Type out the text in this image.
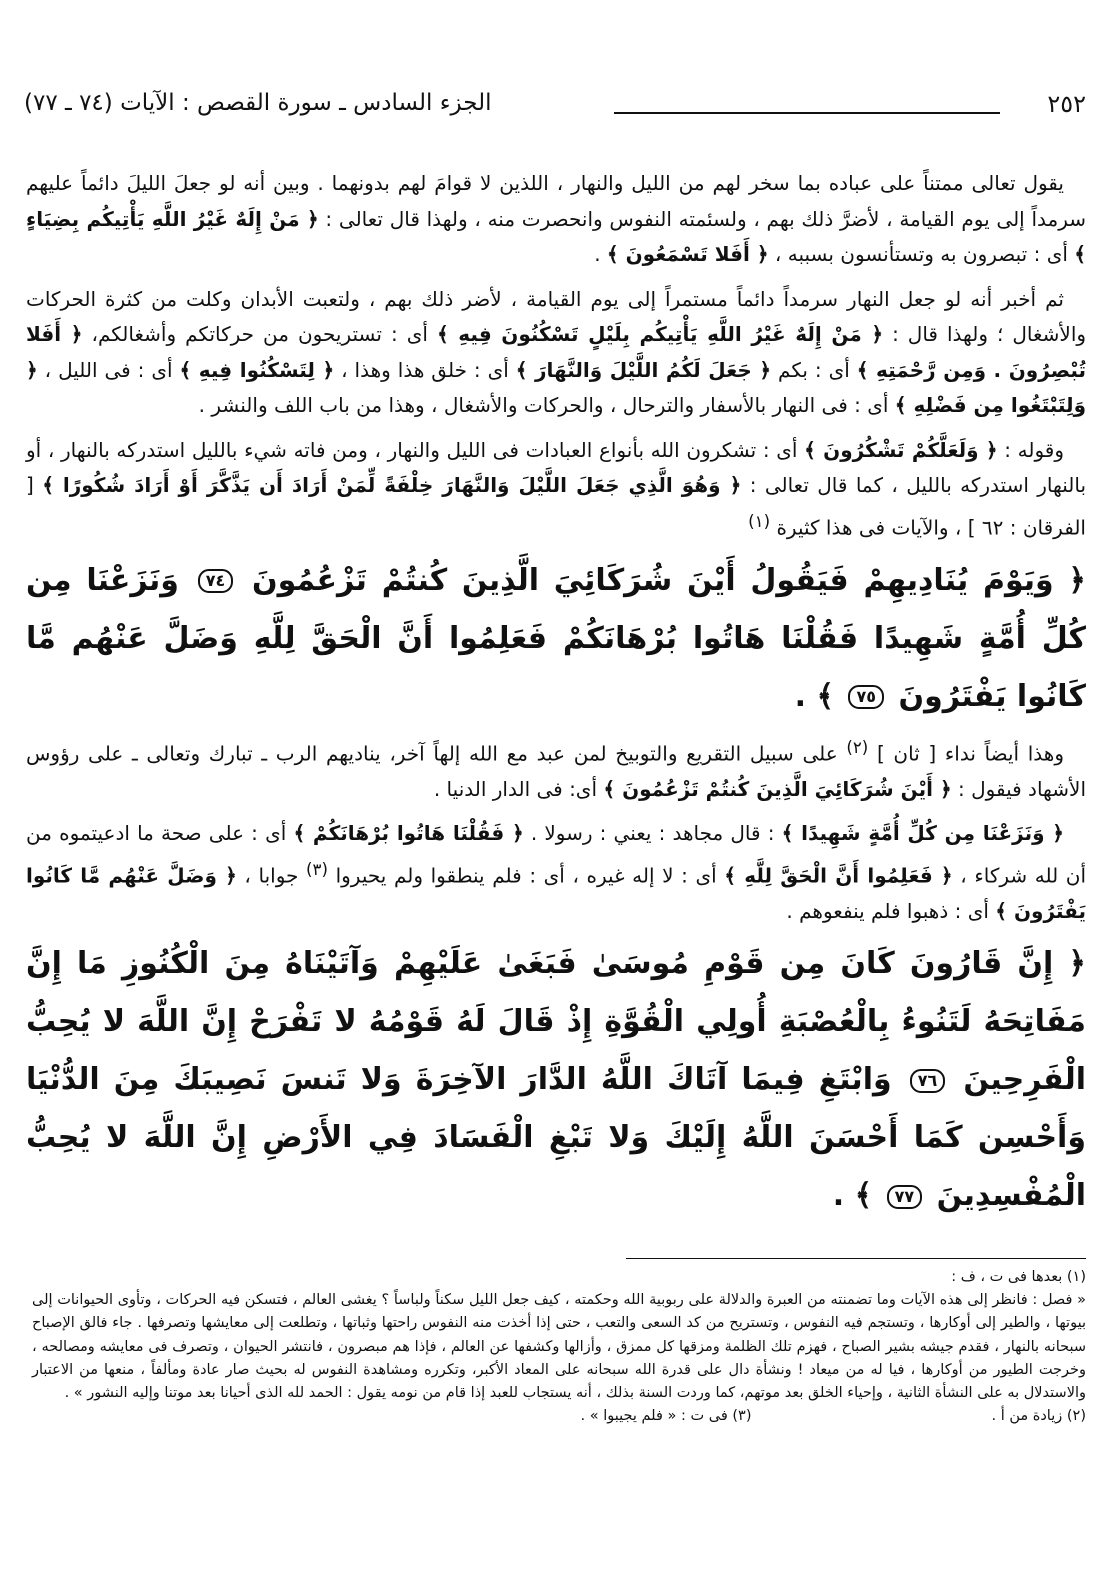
٢٥٢
الجزء السادس ـ سورة القصص : الآيات (٧٤ ـ ٧٧)

يقول تعالى ممتناً على عباده بما سخر لهم من الليل والنهار ، اللذين لا قوامَ لهم بدونهما . وبين أنه لو جعلَ الليلَ دائماً عليهم سرمداً إلى يوم القيامة ، لأضرَّ ذلك بهم ، ولسئمته النفوس وانحصرت منه ، ولهذا قال تعالى : ﴿ مَنْ إِلَهٌ غَيْرُ اللَّهِ يَأْتِيكُم بِضِيَاءٍ ﴾ أى : تبصرون به وتستأنسون بسببه ، ﴿ أَفَلا تَسْمَعُونَ ﴾ .

ثم أخبر أنه لو جعل النهار سرمداً دائماً مستمراً إلى يوم القيامة ، لأضر ذلك بهم ، ولتعبت الأبدان وكلت من كثرة الحركات والأشغال ؛ ولهذا قال : ﴿ مَنْ إِلَهٌ غَيْرُ اللَّهِ يَأْتِيكُم بِلَيْلٍ تَسْكُنُونَ فِيهِ ﴾ أى : تستريحون من حركاتكم وأشغالكم، ﴿ أَفَلا تُبْصِرُونَ . وَمِن رَّحْمَتِهِ ﴾ أى : بكم ﴿ جَعَلَ لَكُمُ اللَّيْلَ وَالنَّهَارَ ﴾ أى : خلق هذا وهذا ، ﴿ لِتَسْكُنُوا فِيهِ ﴾ أى : فى الليل ، ﴿ وَلِتَبْتَغُوا مِن فَضْلِهِ ﴾ أى : فى النهار بالأسفار والترحال ، والحركات والأشغال ، وهذا من باب اللف والنشر .

وقوله : ﴿ وَلَعَلَّكُمْ تَشْكُرُونَ ﴾ أى : تشكرون الله بأنواع العبادات فى الليل والنهار ، ومن فاته شيء بالليل استدركه بالنهار ، أو بالنهار استدركه بالليل ، كما قال تعالى : ﴿ وَهُوَ الَّذِي جَعَلَ اللَّيْلَ وَالنَّهَارَ خِلْفَةً لِّمَنْ أَرَادَ أَن يَذَّكَّرَ أَوْ أَرَادَ شُكُورًا ﴾ [ الفرقان : ٦٢ ] ، والآيات فى هذا كثيرة $^{(١)}$

﴿ وَيَوْمَ يُنَادِيهِمْ فَيَقُولُ أَيْنَ شُرَكَائِيَ الَّذِينَ كُنتُمْ تَزْعُمُونَ ٧٤ وَنَزَعْنَا مِن كُلِّ أُمَّةٍ شَهِيدًا فَقُلْنَا هَاتُوا بُرْهَانَكُمْ فَعَلِمُوا أَنَّ الْحَقَّ لِلَّهِ وَضَلَّ عَنْهُم مَّا كَانُوا يَفْتَرُونَ ٧٥ ﴾ .

وهذا أيضاً نداء [ ثان ] $^{(٢)}$ على سبيل التقريع والتوبيخ لمن عبد مع الله إلهاً آخر، يناديهم الرب ـ تبارك وتعالى ـ على رؤوس الأشهاد فيقول : ﴿ أَيْنَ شُرَكَائِيَ الَّذِينَ كُنتُمْ تَزْعُمُونَ ﴾ أى: فى الدار الدنيا .

﴿ وَنَزَعْنَا مِن كُلِّ أُمَّةٍ شَهِيدًا ﴾ : قال مجاهد : يعني : رسولا . ﴿ فَقُلْنَا هَاتُوا بُرْهَانَكُمْ ﴾ أى : على صحة ما ادعيتموه من أن لله شركاء ، ﴿ فَعَلِمُوا أَنَّ الْحَقَّ لِلَّهِ ﴾ أى : لا إله غيره ، أى : فلم ينطقوا ولم يحيروا $^{(٣)}$ جوابا ، ﴿ وَضَلَّ عَنْهُم مَّا كَانُوا يَفْتَرُونَ ﴾ أى : ذهبوا فلم ينفعوهم .

﴿ إِنَّ قَارُونَ كَانَ مِن قَوْمِ مُوسَىٰ فَبَغَىٰ عَلَيْهِمْ وَآتَيْنَاهُ مِنَ الْكُنُوزِ مَا إِنَّ مَفَاتِحَهُ لَتَنُوءُ بِالْعُصْبَةِ أُولِي الْقُوَّةِ إِذْ قَالَ لَهُ قَوْمُهُ لا تَفْرَحْ إِنَّ اللَّهَ لا يُحِبُّ الْفَرِحِينَ ٧٦ وَابْتَغِ فِيمَا آتَاكَ اللَّهُ الدَّارَ الآخِرَةَ وَلا تَنسَ نَصِيبَكَ مِنَ الدُّنْيَا وَأَحْسِن كَمَا أَحْسَنَ اللَّهُ إِلَيْكَ وَلا تَبْغِ الْفَسَادَ فِي الأَرْضِ إِنَّ اللَّهَ لا يُحِبُّ الْمُفْسِدِينَ ٧٧ ﴾ .

(١) بعدها فى ت ، ف :

« فصل : فانظر إلى هذه الآيات وما تضمنته من العبرة والدلالة على ربوبية الله وحكمته ، كيف جعل الليل سكناً ولباساً ؟ يغشى العالم ، فتسكن فيه الحركات ، وتأوى الحيوانات إلى بيوتها ، والطير إلى أوكارها ، وتستجم فيه النفوس ، وتستريح من كد السعى والتعب ، حتى إذا أخذت منه النفوس راحتها وثباتها ، وتطلعت إلى معايشها وتصرفها . جاء فالق الإصباح سبحانه بالنهار ، فقدم جيشه بشير الصباح ، فهزم تلك الظلمة ومزقها كل ممزق ، وأزالها وكشفها عن العالم ، فإذا هم مبصرون ، فانتشر الحيوان ، وتصرف فى معايشه ومصالحه ، وخرجت الطيور من أوكارها ، فيا له من ميعاد ! ونشأة دال على قدرة الله سبحانه على المعاد الأكبر، وتكرره ومشاهدة النفوس له بحيث صار عادة ومألفاً ، منعها من الاعتبار والاستدلال به على النشأة الثانية ، وإحياء الخلق بعد موتهم، كما وردت السنة بذلك ، أنه يستجاب للعبد إذا قام من نومه يقول : الحمد لله الذى أحيانا بعد موتنا وإليه النشور » .

(٢) زيادة من أ .
(٣) فى ت : « فلم يجيبوا » .
